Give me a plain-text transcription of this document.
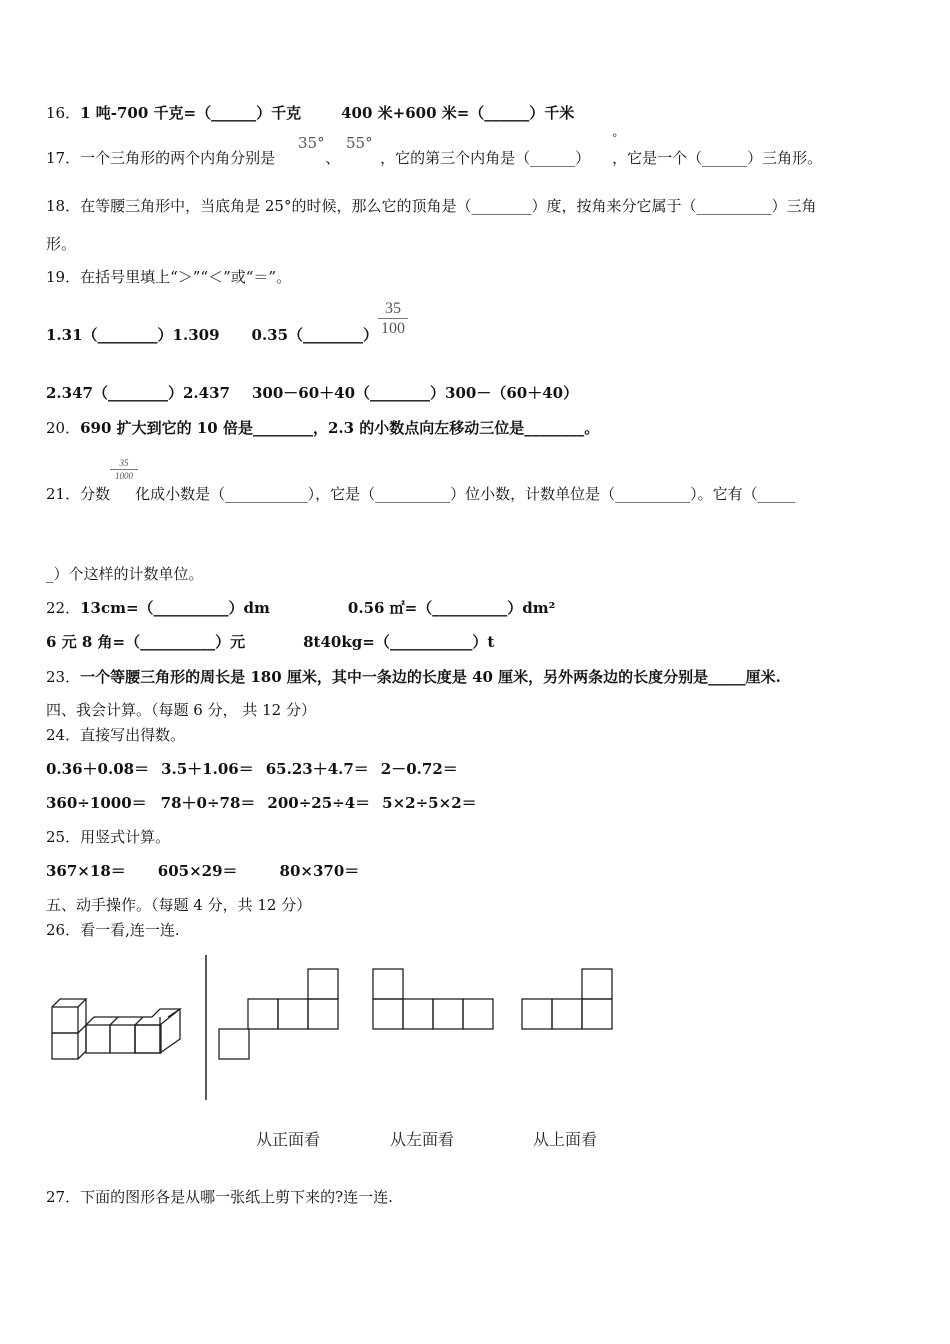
16．1 吨-700 千克=（______）千克	400 米+600 米=（______）千米
17．一个三角形的两个内角分别是	、	，它的第三个内角是（______） ，它是一个（______）三角形。
35° 55°	°
18．在等腰三角形中，当底角是 25°的时候，那么它的顶角是（________）度，按角来分它属于（__________）三角
形。
19．在括号里填上“＞”“＜”或“＝”。
1.31（________）1.309 0.35（________）
35
100
2.347（________）2.437 300－60＋40（________）300－（60＋40）
20．690 扩大到它的 10 倍是________，2.3 的小数点向左移动三位是________。
35
1000
21．分数 化成小数是（___________），它是（__________）位小数，计数单位是（__________）。它有（_____
_）个这样的计数单位。
22．13cm=（__________）dm	0.56 ㎡=（__________）dm²
6 元 8 角=（__________）元	8t40kg=（___________）t
23．一个等腰三角形的周长是 180 厘米，其中一条边的长度是 40 厘米，另外两条边的长度分别是_____厘米.
四、我会计算。（每题 6 分， 共 12 分）
24．直接写出得数。
0.36＋0.08＝ 3.5＋1.06＝ 65.23＋4.7＝ 2－0.72＝
360÷1000＝ 78＋0÷78＝ 200÷25÷4＝ 5×2÷5×2＝
25．用竖式计算。
367×18＝ 605×29＝	80×370＝
五、动手操作。（每题 4 分，共 12 分）
26．看一看,连一连.
从正面看	从左面看	从上面看
27．下面的图形各是从哪一张纸上剪下来的?连一连.
